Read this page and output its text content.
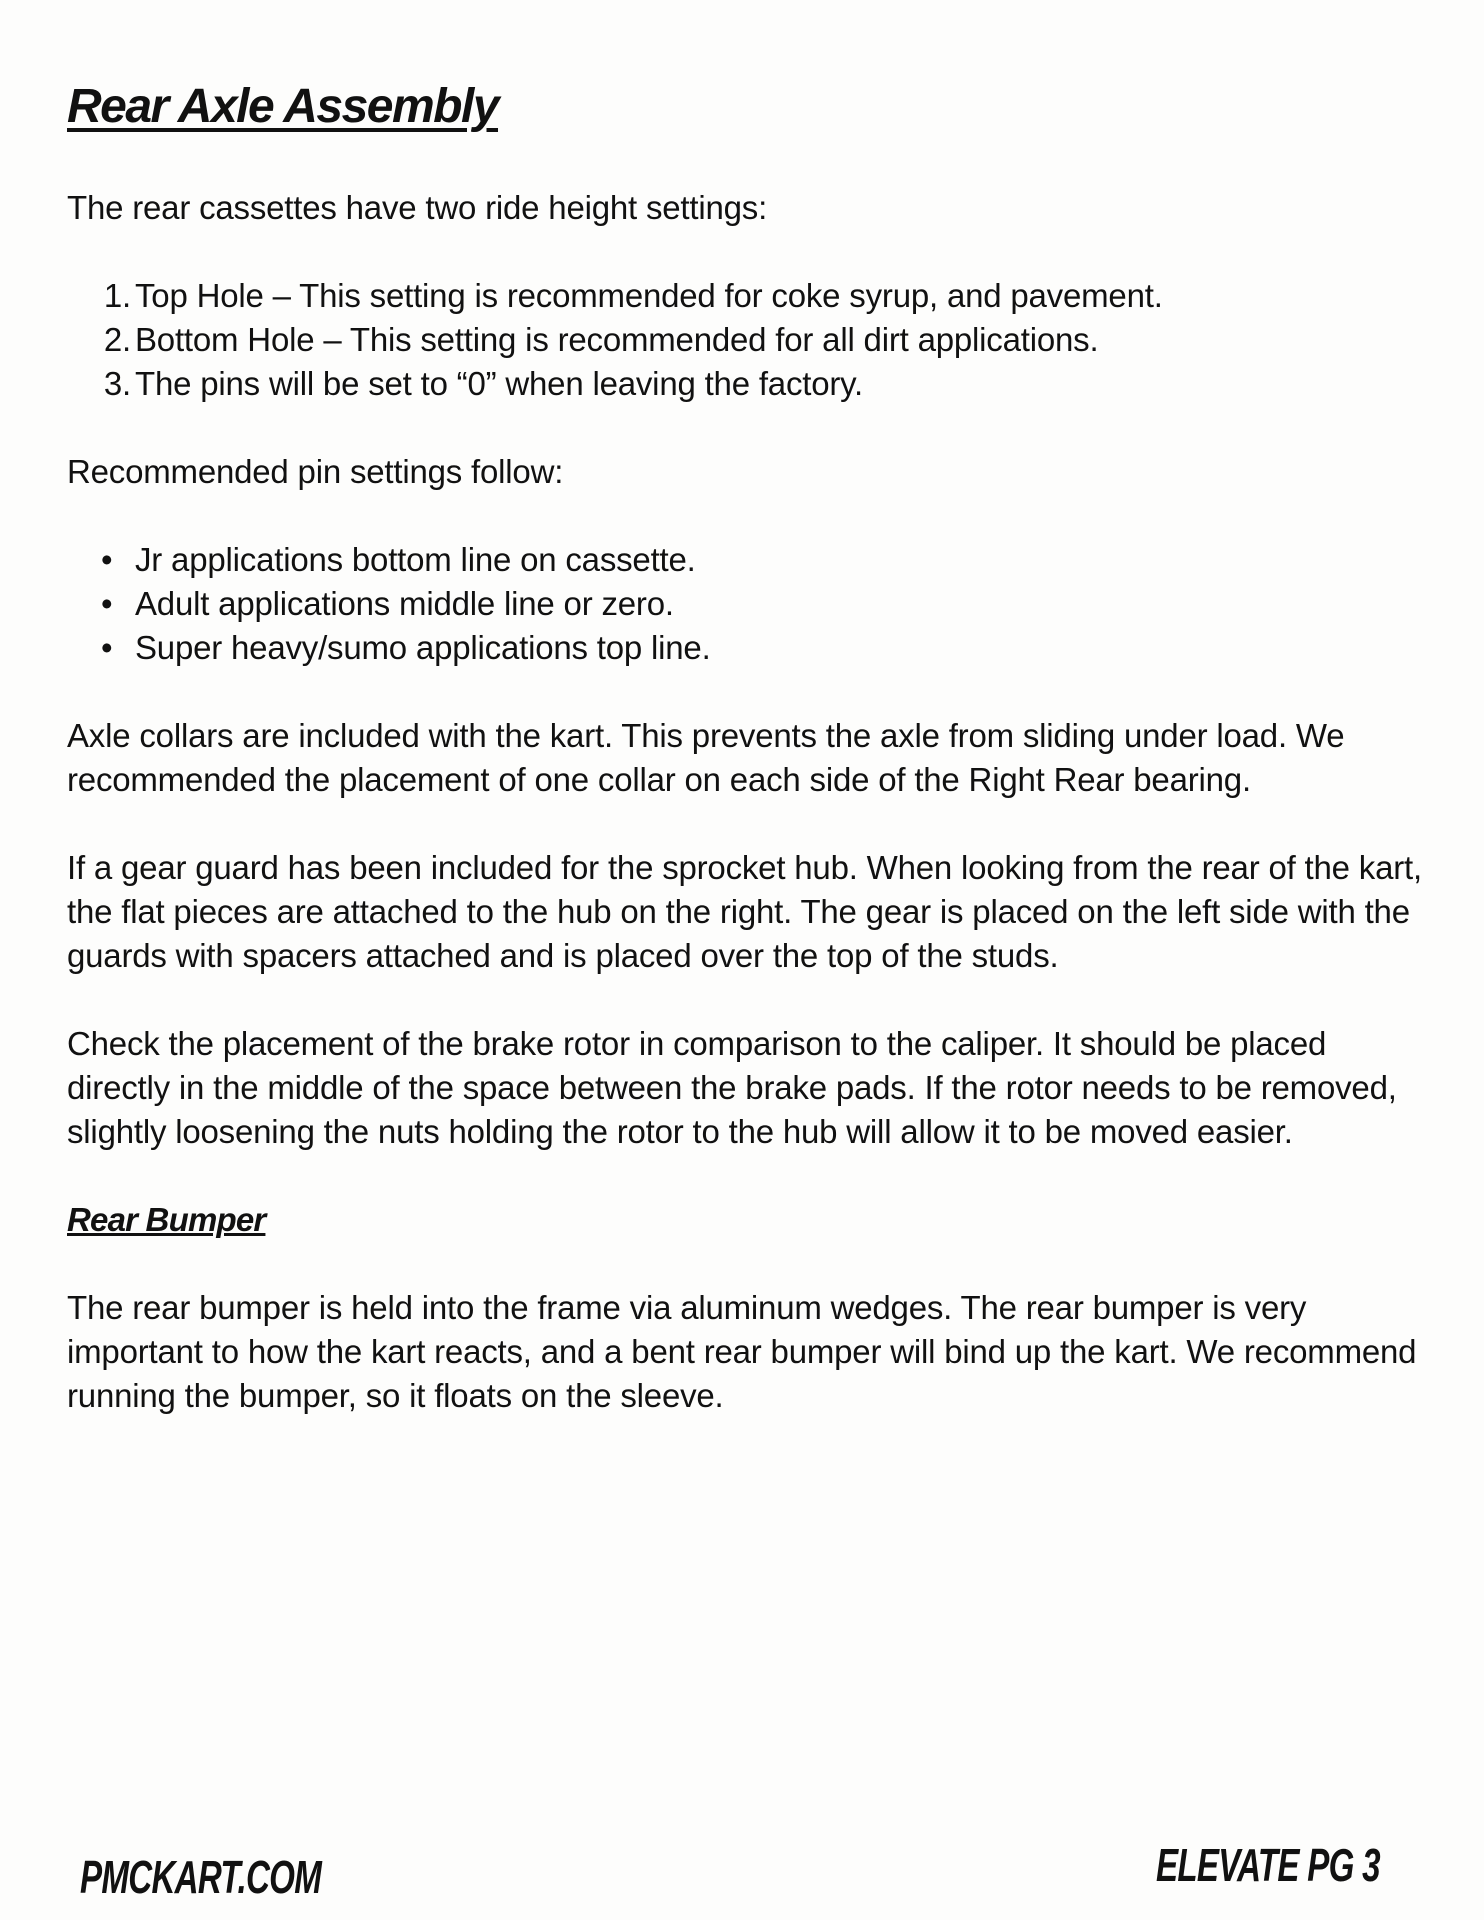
Rear Axle Assembly

The rear cassettes have two ride height settings:

1. Top Hole – This setting is recommended for coke syrup, and pavement.
2. Bottom Hole – This setting is recommended for all dirt applications.
3. The pins will be set to “0” when leaving the factory.

Recommended pin settings follow:

• Jr applications bottom line on cassette.
• Adult applications middle line or zero.
• Super heavy/sumo applications top line.

Axle collars are included with the kart. This prevents the axle from sliding under load. We recommended the placement of one collar on each side of the Right Rear bearing.

If a gear guard has been included for the sprocket hub. When looking from the rear of the kart, the flat pieces are attached to the hub on the right. The gear is placed on the left side with the guards with spacers attached and is placed over the top of the studs.

Check the placement of the brake rotor in comparison to the caliper. It should be placed directly in the middle of the space between the brake pads. If the rotor needs to be removed, slightly loosening the nuts holding the rotor to the hub will allow it to be moved easier.

Rear Bumper

The rear bumper is held into the frame via aluminum wedges. The rear bumper is very important to how the kart reacts, and a bent rear bumper will bind up the kart. We recommend running the bumper, so it floats on the sleeve.

PMCKART.COM	ELEVATE PG 3
